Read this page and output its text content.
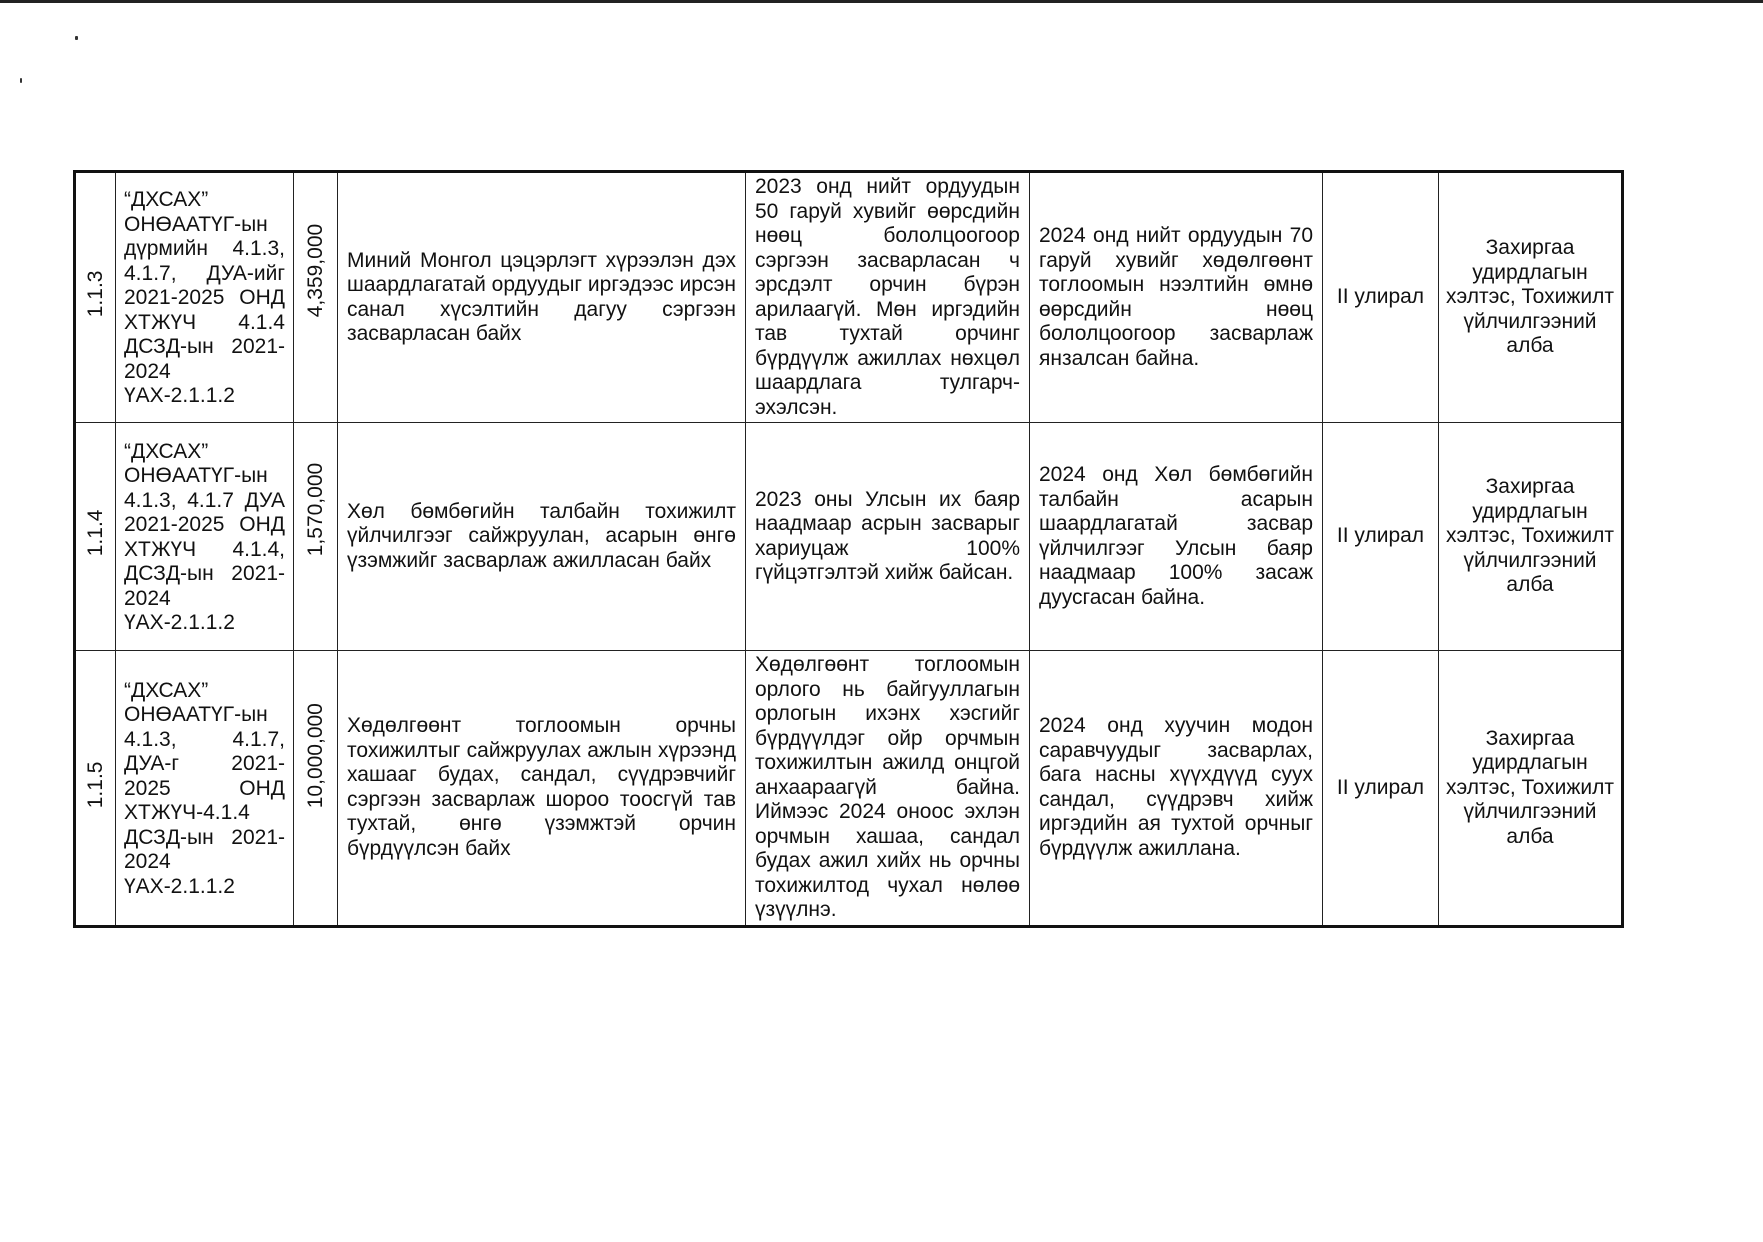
1.1.3	“ДХСАХ” ОНӨААТҮГ-ын дүрмийн 4.1.3, 4.1.7, ДУА-ийг 2021-2025 ОНД ХТЖҮЧ 4.1.4 ДСЗД-ын 2021-2024 ҮАХ-2.1.1.2	4,359,000	Миний Монгол цэцэрлэгт хүрээлэн дэх шаардлагатай ордуудыг иргэдээс ирсэн санал хүсэлтийн дагуу сэргээн засварласан байх	2023 онд нийт ордуудын 50 гаруй хувийг өөрсдийн нөөц бололцоогоор сэргээн засварласан ч эрсдэлт орчин бүрэн арилаагүй. Мөн иргэдийн тав тухтай орчинг бүрдүүлж ажиллах нөхцөл шаардлага тулгарч-эхэлсэн.	2024 онд нийт ордуудын 70 гаруй хувийг хөдөлгөөнт тоглоомын нээлтийн өмнө өөрсдийн нөөц бололцоогоор засварлаж янзалсан байна.	II улирал	Захиргаа удирдлагын хэлтэс, Тохижилт үйлчилгээний алба

1.1.4	“ДХСАХ” ОНӨААТҮГ-ын 4.1.3, 4.1.7 ДУА 2021-2025 ОНД ХТЖҮЧ 4.1.4, ДСЗД-ын 2021-2024 ҮАХ-2.1.1.2	1,570,000	Хөл бөмбөгийн талбайн тохижилт үйлчилгээг сайжруулан, асарын өнгө үзэмжийг засварлаж ажилласан байх	2023 оны Улсын их баяр наадмаар асрын засварыг хариуцаж 100% гүйцэтгэлтэй хийж байсан.	2024 онд Хөл бөмбөгийн талбайн асарын шаардлагатай засвар үйлчилгээг Улсын баяр наадмаар 100% засаж дуусгасан байна.	II улирал	Захиргаа удирдлагын хэлтэс, Тохижилт үйлчилгээний алба

1.1.5	“ДХСАХ” ОНӨААТҮГ-ын 4.1.3, 4.1.7, ДУА-г 2021-2025 ОНД ХТЖҮЧ-4.1.4 ДСЗД-ын 2021-2024 ҮАХ-2.1.1.2	10,000,000	Хөдөлгөөнт тоглоомын орчны тохижилтыг сайжруулах ажлын хүрээнд хашааг будах, сандал, сүүдрэвчийг сэргээн засварлаж шороо тоосгүй тав тухтай, өнгө үзэмжтэй орчин бүрдүүлсэн байх	Хөдөлгөөнт тоглоомын орлого нь байгууллагын орлогын ихэнх хэсгийг бүрдүүлдэг ойр орчмын тохижилтын ажилд онцгой анхаараагүй байна. Иймээс 2024 оноос эхлэн орчмын хашаа, сандал будах ажил хийх нь орчны тохижилтод чухал нөлөө үзүүлнэ.	2024 онд хуучин модон саравчуудыг засварлах, бага насны хүүхдүүд суух сандал, сүүдрэвч хийж иргэдийн ая тухтой орчныг бүрдүүлж ажиллана.	II улирал	Захиргаа удирдлагын хэлтэс, Тохижилт үйлчилгээний алба
